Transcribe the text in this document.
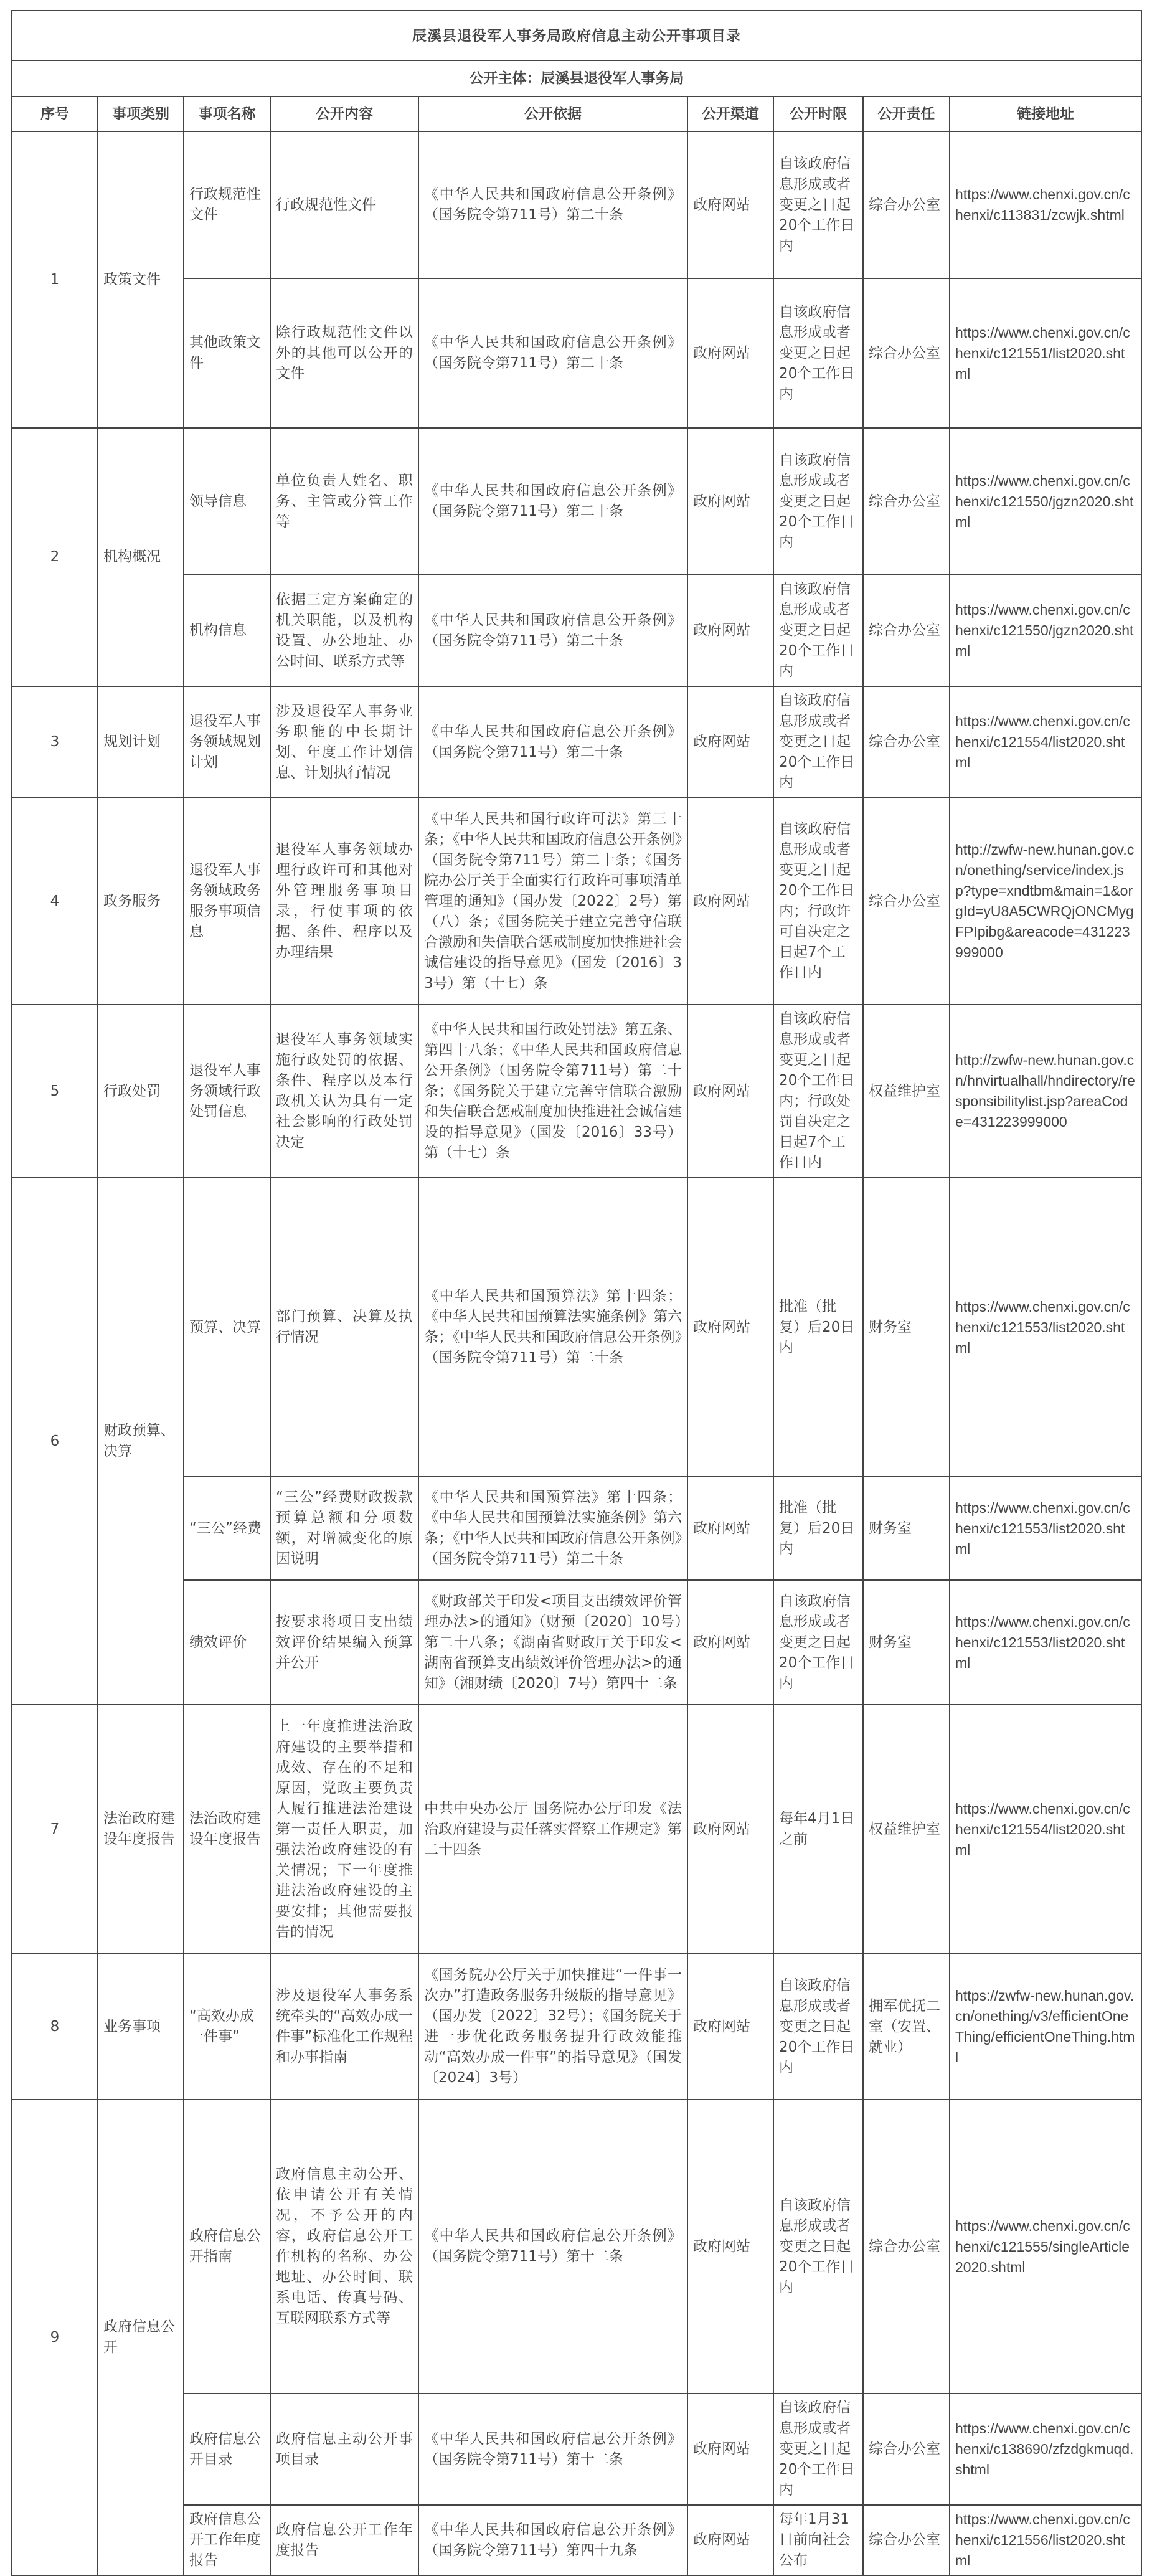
辰溪县退役军人事务局政府信息主动公开事项目录								
公开主体：辰溪县退役军人事务局								
序号	事项类别	事项名称	公开内容	公开依据	公开渠道	公开时限	公开责任	链接地址
1	政策文件	行政规范性文件	行政规范性文件	《中华人民共和国政府信息公开条例》（国务院令第711号）第二十条	政府网站	自该政府信息形成或者变更之日起20个工作日内	综合办公室	https://www.chenxi.gov.cn/chenxi/c113831/zcwjk.shtml
		其他政策文件	除行政规范性文件以外的其他可以公开的文件	《中华人民共和国政府信息公开条例》（国务院令第711号）第二十条	政府网站	自该政府信息形成或者变更之日起20个工作日内	综合办公室	https://www.chenxi.gov.cn/chenxi/c121551/list2020.shtml
2	机构概况	领导信息	单位负责人姓名、职务、主管或分管工作等	《中华人民共和国政府信息公开条例》（国务院令第711号）第二十条	政府网站	自该政府信息形成或者变更之日起20个工作日内	综合办公室	https://www.chenxi.gov.cn/chenxi/c121550/jgzn2020.shtml
		机构信息	依据三定方案确定的机关职能，以及机构设置、办公地址、办公时间、联系方式等	《中华人民共和国政府信息公开条例》（国务院令第711号）第二十条	政府网站	自该政府信息形成或者变更之日起20个工作日内	综合办公室	https://www.chenxi.gov.cn/chenxi/c121550/jgzn2020.shtml
3	规划计划	退役军人事务领域规划计划	涉及退役军人事务业务职能的中长期计划、年度工作计划信息、计划执行情况	《中华人民共和国政府信息公开条例》（国务院令第711号）第二十条	政府网站	自该政府信息形成或者变更之日起20个工作日内	综合办公室	https://www.chenxi.gov.cn/chenxi/c121554/list2020.shtml
4	政务服务	退役军人事务领域政务服务事项信息	退役军人事务领域办理行政许可和其他对外管理服务事项目录，行使事项的依据、条件、程序以及办理结果	《中华人民共和国行政许可法》第三十条；《中华人民共和国政府信息公开条例》（国务院令第711号）第二十条；《国务院办公厅关于全面实行行政许可事项清单管理的通知》（国办发〔2022〕2号）第（八）条；《国务院关于建立完善守信联合激励和失信联合惩戒制度加快推进社会诚信建设的指导意见》（国发〔2016〕33号）第（十七）条	政府网站	自该政府信息形成或者变更之日起20个工作日内；行政许可自决定之日起7个工作日内	综合办公室	http://zwfw-new.hunan.gov.cn/onething/service/index.jsp?type=xndtbm&main=1&orgId=yU8A5CWRQjONCMygFPIpibg&areacode=431223999000
5	行政处罚	退役军人事务领域行政处罚信息	退役军人事务领域实施行政处罚的依据、条件、程序以及本行政机关认为具有一定社会影响的行政处罚决定	《中华人民共和国行政处罚法》第五条、第四十八条；《中华人民共和国政府信息公开条例》（国务院令第711号）第二十条；《国务院关于建立完善守信联合激励和失信联合惩戒制度加快推进社会诚信建设的指导意见》（国发〔2016〕33号）第（十七）条	政府网站	自该政府信息形成或者变更之日起20个工作日内；行政处罚自决定之日起7个工作日内	权益维护室	http://zwfw-new.hunan.gov.cn/hnvirtualhall/hndirectory/responsibilitylist.jsp?areaCode=431223999000
6	财政预算、决算	预算、决算	部门预算、决算及执行情况	《中华人民共和国预算法》第十四条；《中华人民共和国预算法实施条例》第六条；《中华人民共和国政府信息公开条例》（国务院令第711号）第二十条	政府网站	批准（批复）后20日内	财务室	https://www.chenxi.gov.cn/chenxi/c121553/list2020.shtml
		“三公”经费	“三公”经费财政拨款预算总额和分项数额，对增减变化的原因说明	《中华人民共和国预算法》第十四条；《中华人民共和国预算法实施条例》第六条；《中华人民共和国政府信息公开条例》（国务院令第711号）第二十条	政府网站	批准（批复）后20日内	财务室	https://www.chenxi.gov.cn/chenxi/c121553/list2020.shtml
		绩效评价	按要求将项目支出绩效评价结果编入预算并公开	《财政部关于印发<项目支出绩效评价管理办法>的通知》（财预〔2020〕10号）第二十八条；《湖南省财政厅关于印发<湖南省预算支出绩效评价管理办法>的通知》（湘财绩〔2020〕7号）第四十二条	政府网站	自该政府信息形成或者变更之日起20个工作日内	财务室	https://www.chenxi.gov.cn/chenxi/c121553/list2020.shtml
7	法治政府建设年度报告	法治政府建设年度报告	上一年度推进法治政府建设的主要举措和成效、存在的不足和原因，党政主要负责人履行推进法治建设第一责任人职责，加强法治政府建设的有关情况；下一年度推进法治政府建设的主要安排；其他需要报告的情况	中共中央办公厅 国务院办公厅印发《法治政府建设与责任落实督察工作规定》第二十四条	政府网站	每年4月1日之前	权益维护室	https://www.chenxi.gov.cn/chenxi/c121554/list2020.shtml
8	业务事项	“高效办成一件事”	涉及退役军人事务系统牵头的“高效办成一件事”标准化工作规程和办事指南	《国务院办公厅关于加快推进“一件事一次办”打造政务服务升级版的指导意见》（国办发〔2022〕32号）；《国务院关于进一步优化政务服务提升行政效能推动“高效办成一件事”的指导意见》（国发〔2024〕3号）	政府网站	自该政府信息形成或者变更之日起20个工作日内	拥军优抚二室（安置、就业）	https://zwfw-new.hunan.gov.cn/onething/v3/efficientOneThing/efficientOneThing.html
9	政府信息公开	政府信息公开指南	政府信息主动公开、依申请公开有关情况，不予公开的内容，政府信息公开工作机构的名称、办公地址、办公时间、联系电话、传真号码、互联网联系方式等	《中华人民共和国政府信息公开条例》（国务院令第711号）第十二条	政府网站	自该政府信息形成或者变更之日起20个工作日内	综合办公室	https://www.chenxi.gov.cn/chenxi/c121555/singleArticle2020.shtml
		政府信息公开目录	政府信息主动公开事项目录	《中华人民共和国政府信息公开条例》（国务院令第711号）第十二条	政府网站	自该政府信息形成或者变更之日起20个工作日内	综合办公室	https://www.chenxi.gov.cn/chenxi/c138690/zfzdgkmuqd.shtml
		政府信息公开工作年度报告	政府信息公开工作年度报告	《中华人民共和国政府信息公开条例》（国务院令第711号）第四十九条	政府网站	每年1月31日前向社会公布	综合办公室	https://www.chenxi.gov.cn/chenxi/c121556/list2020.shtml
